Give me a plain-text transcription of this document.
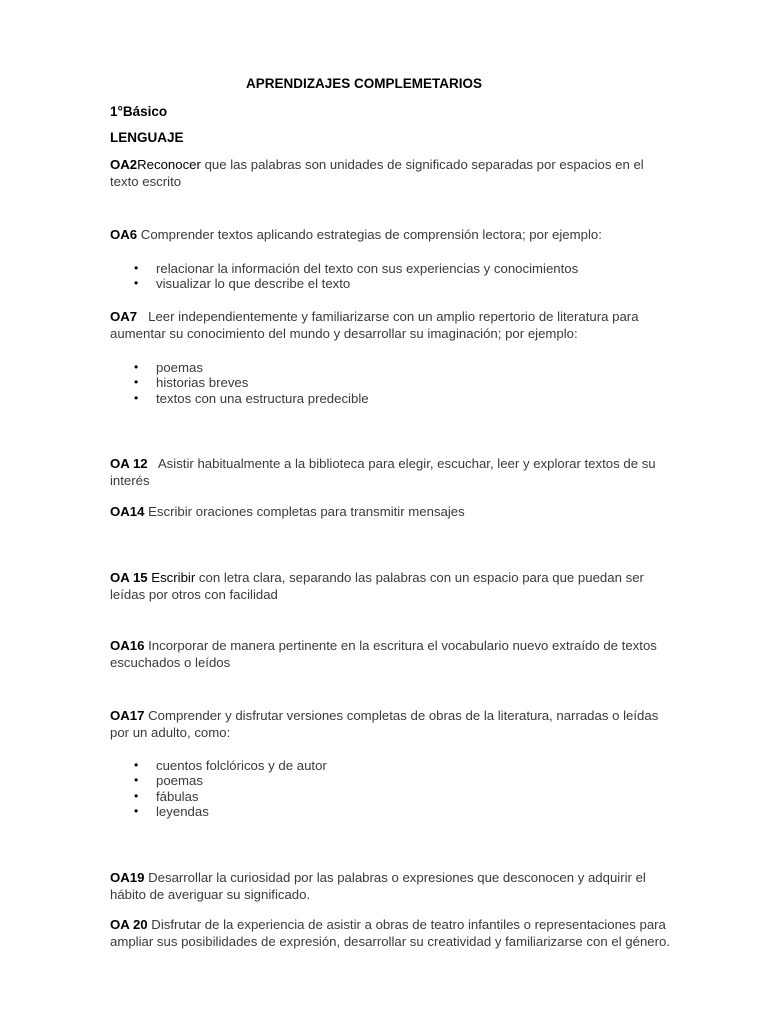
APRENDIZAJES COMPLEMETARIOS
1°Básico
LENGUAJE
OA2Reconocer que las palabras son unidades de significado separadas por espacios en el texto escrito
OA6 Comprender textos aplicando estrategias de comprensión lectora; por ejemplo:
• relacionar la información del texto con sus experiencias y conocimientos
• visualizar lo que describe el texto
OA7   Leer independientemente y familiarizarse con un amplio repertorio de literatura para aumentar su conocimiento del mundo y desarrollar su imaginación; por ejemplo:
• poemas
• historias breves
• textos con una estructura predecible
OA 12   Asistir habitualmente a la biblioteca para elegir, escuchar, leer y explorar textos de su interés
OA14 Escribir oraciones completas para transmitir mensajes
OA 15 Escribir con letra clara, separando las palabras con un espacio para que puedan ser leídas por otros con facilidad
OA16 Incorporar de manera pertinente en la escritura el vocabulario nuevo extraído de textos escuchados o leídos
OA17 Comprender y disfrutar versiones completas de obras de la literatura, narradas o leídas por un adulto, como:
• cuentos folclóricos y de autor
• poemas
• fábulas
• leyendas
OA19 Desarrollar la curiosidad por las palabras o expresiones que desconocen y adquirir el hábito de averiguar su significado.
OA 20 Disfrutar de la experiencia de asistir a obras de teatro infantiles o representaciones para ampliar sus posibilidades de expresión, desarrollar su creatividad y familiarizarse con el género.
